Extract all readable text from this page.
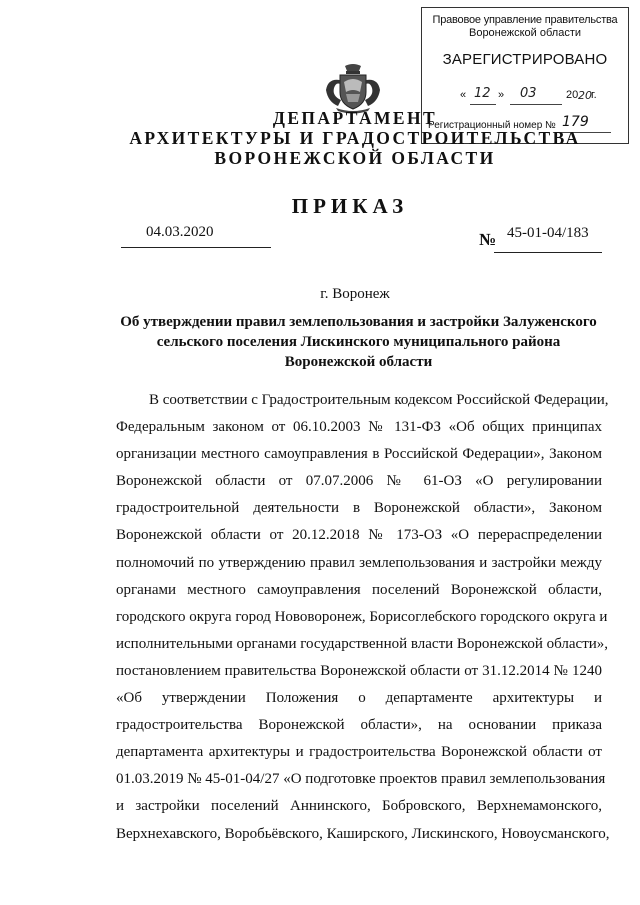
Правовое управление правительства
Воронежской области
ЗАРЕГИСТРИРОВАНО
« 12 » 03	20 20 г.
Регистрационный номер № 179
ДЕПАРТАМЕНТ
АРХИТЕКТУРЫ И ГРАДОСТРОИТЕЛЬСТВА
ВОРОНЕЖСКОЙ ОБЛАСТИ
ПРИКАЗ
04.03.2020	№ 45-01-04/183
г. Воронеж
Об утверждении правил землепользования и застройки Залуженского
сельского поселения Лискинского муниципального района
Воронежской области
В соответствии с Градостроительным кодексом Российской Федерации,
Федеральным законом от 06.10.2003 № 131-ФЗ «Об общих принципах
организации местного самоуправления в Российской Федерации», Законом
Воронежской области от 07.07.2006 № 61-ОЗ «О регулировании
градостроительной деятельности в Воронежской области», Законом
Воронежской области от 20.12.2018 № 173-ОЗ «О перераспределении
полномочий по утверждению правил землепользования и застройки между
органами местного самоуправления поселений Воронежской области,
городского округа город Нововоронеж, Борисоглебского городского округа и
исполнительными органами государственной власти Воронежской области»,
постановлением правительства Воронежской области от 31.12.2014 № 1240
«Об утверждении Положения о департаменте архитектуры и
градостроительства Воронежской области», на основании приказа
департамента архитектуры и градостроительства Воронежской области от
01.03.2019 № 45-01-04/27 «О подготовке проектов правил землепользования
и застройки поселений Аннинского, Бобровского, Верхнемамонского,
Верхнехавского, Воробьёвского, Каширского, Лискинского, Новоусманского,
